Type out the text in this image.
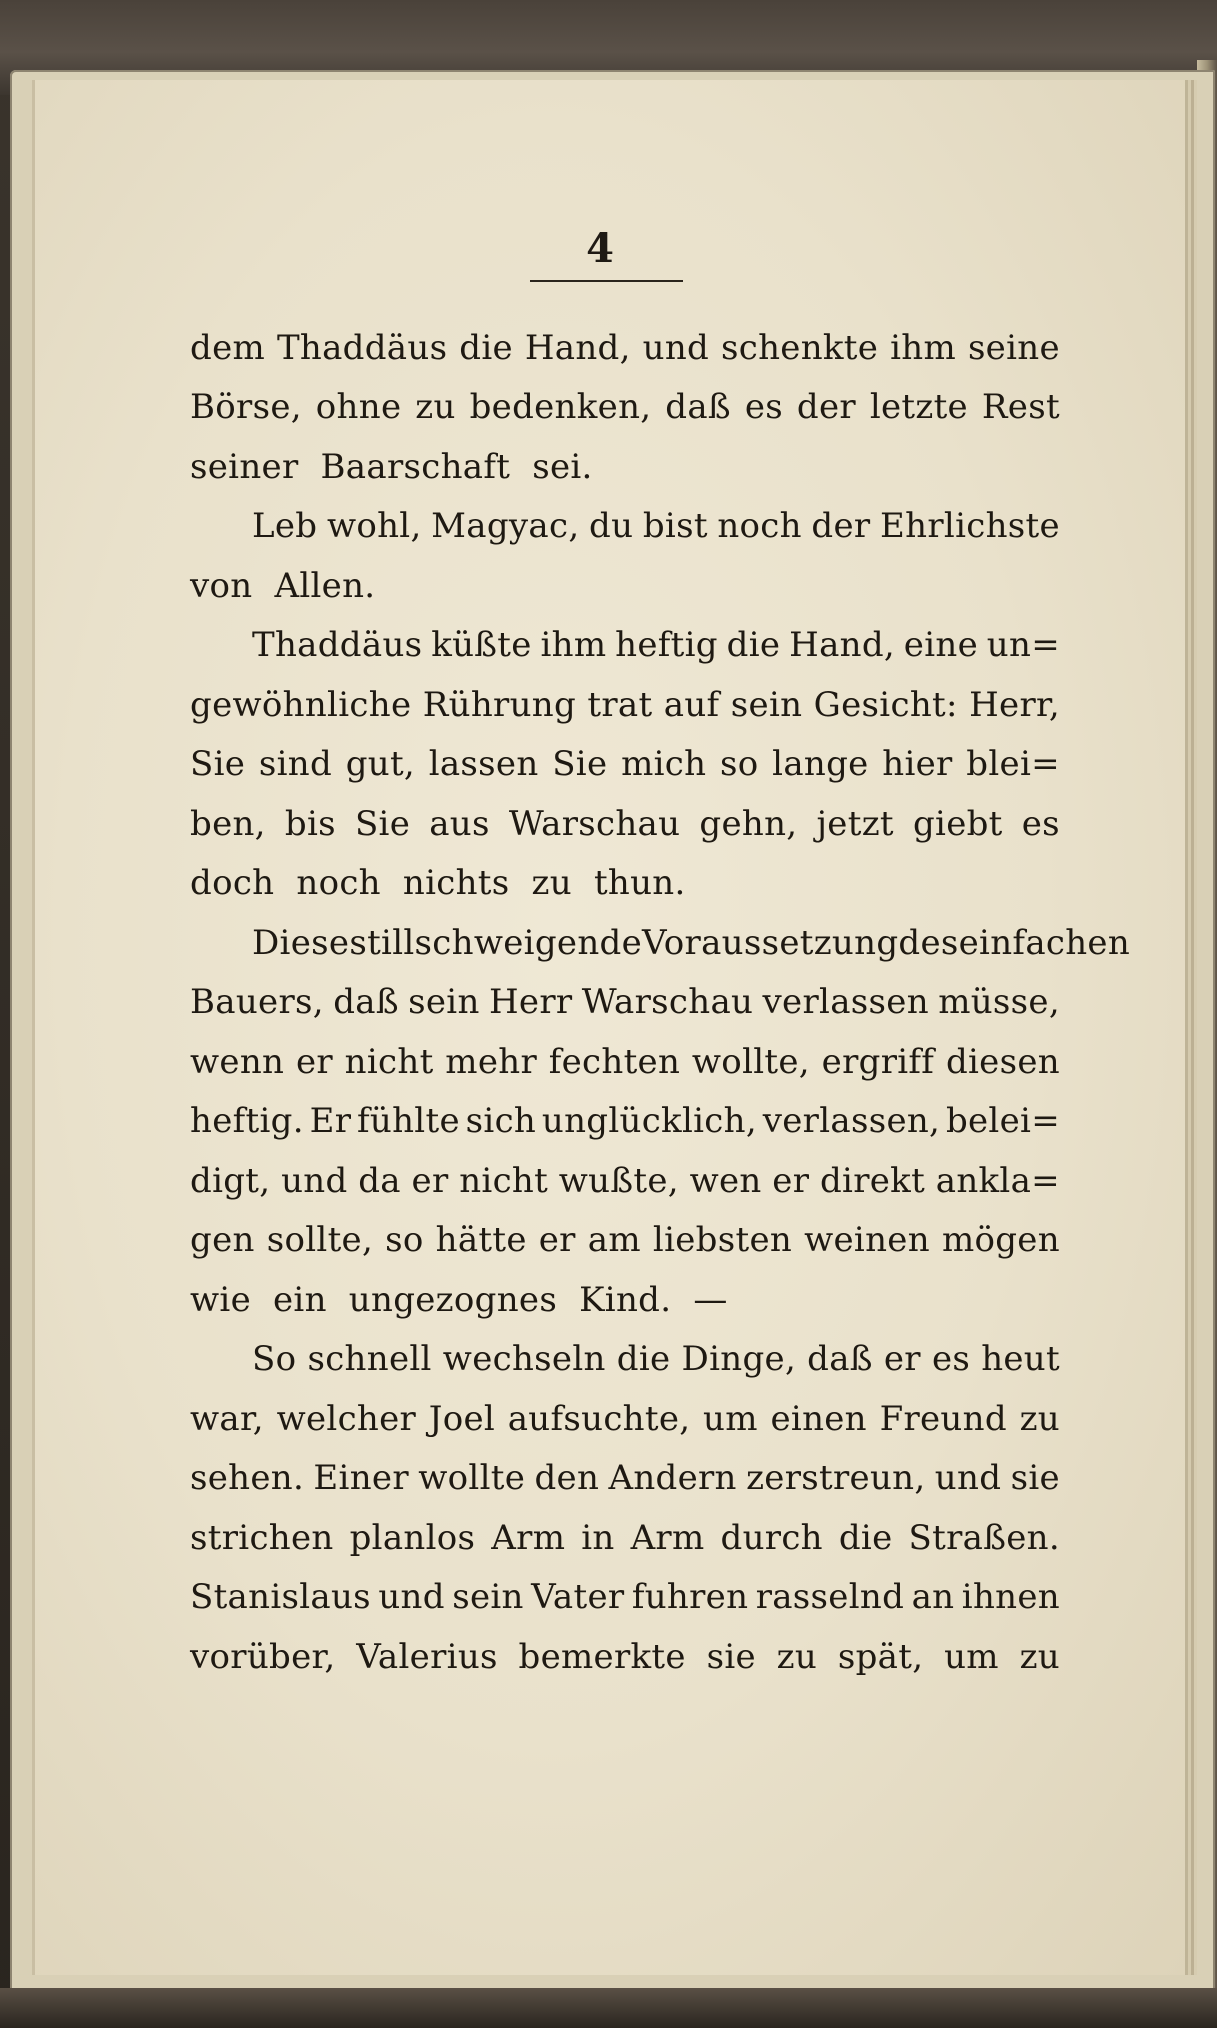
4
dem Thaddäus die Hand, und schenkte ihm seine
Börse, ohne zu bedenken, daß es der letzte Rest
seiner Baarschaft sei.
Leb wohl, Magyac, du bist noch der Ehrlichste
von Allen.
Thaddäus küßte ihm heftig die Hand, eine un=
gewöhnliche Rührung trat auf sein Gesicht: Herr,
Sie sind gut, lassen Sie mich so lange hier blei=
ben, bis Sie aus Warschau gehn, jetzt giebt es
doch noch nichts zu thun.
Diese stillschweigende Voraussetzung des einfachen
Bauers, daß sein Herr Warschau verlassen müsse,
wenn er nicht mehr fechten wollte, ergriff diesen
heftig. Er fühlte sich unglücklich, verlassen, belei=
digt, und da er nicht wußte, wen er direkt ankla=
gen sollte, so hätte er am liebsten weinen mögen
wie ein ungezognes Kind. —
So schnell wechseln die Dinge, daß er es heut
war, welcher Joel aufsuchte, um einen Freund zu
sehen. Einer wollte den Andern zerstreun, und sie
strichen planlos Arm in Arm durch die Straßen.
Stanislaus und sein Vater fuhren rasselnd an ihnen
vorüber, Valerius bemerkte sie zu spät, um zu
